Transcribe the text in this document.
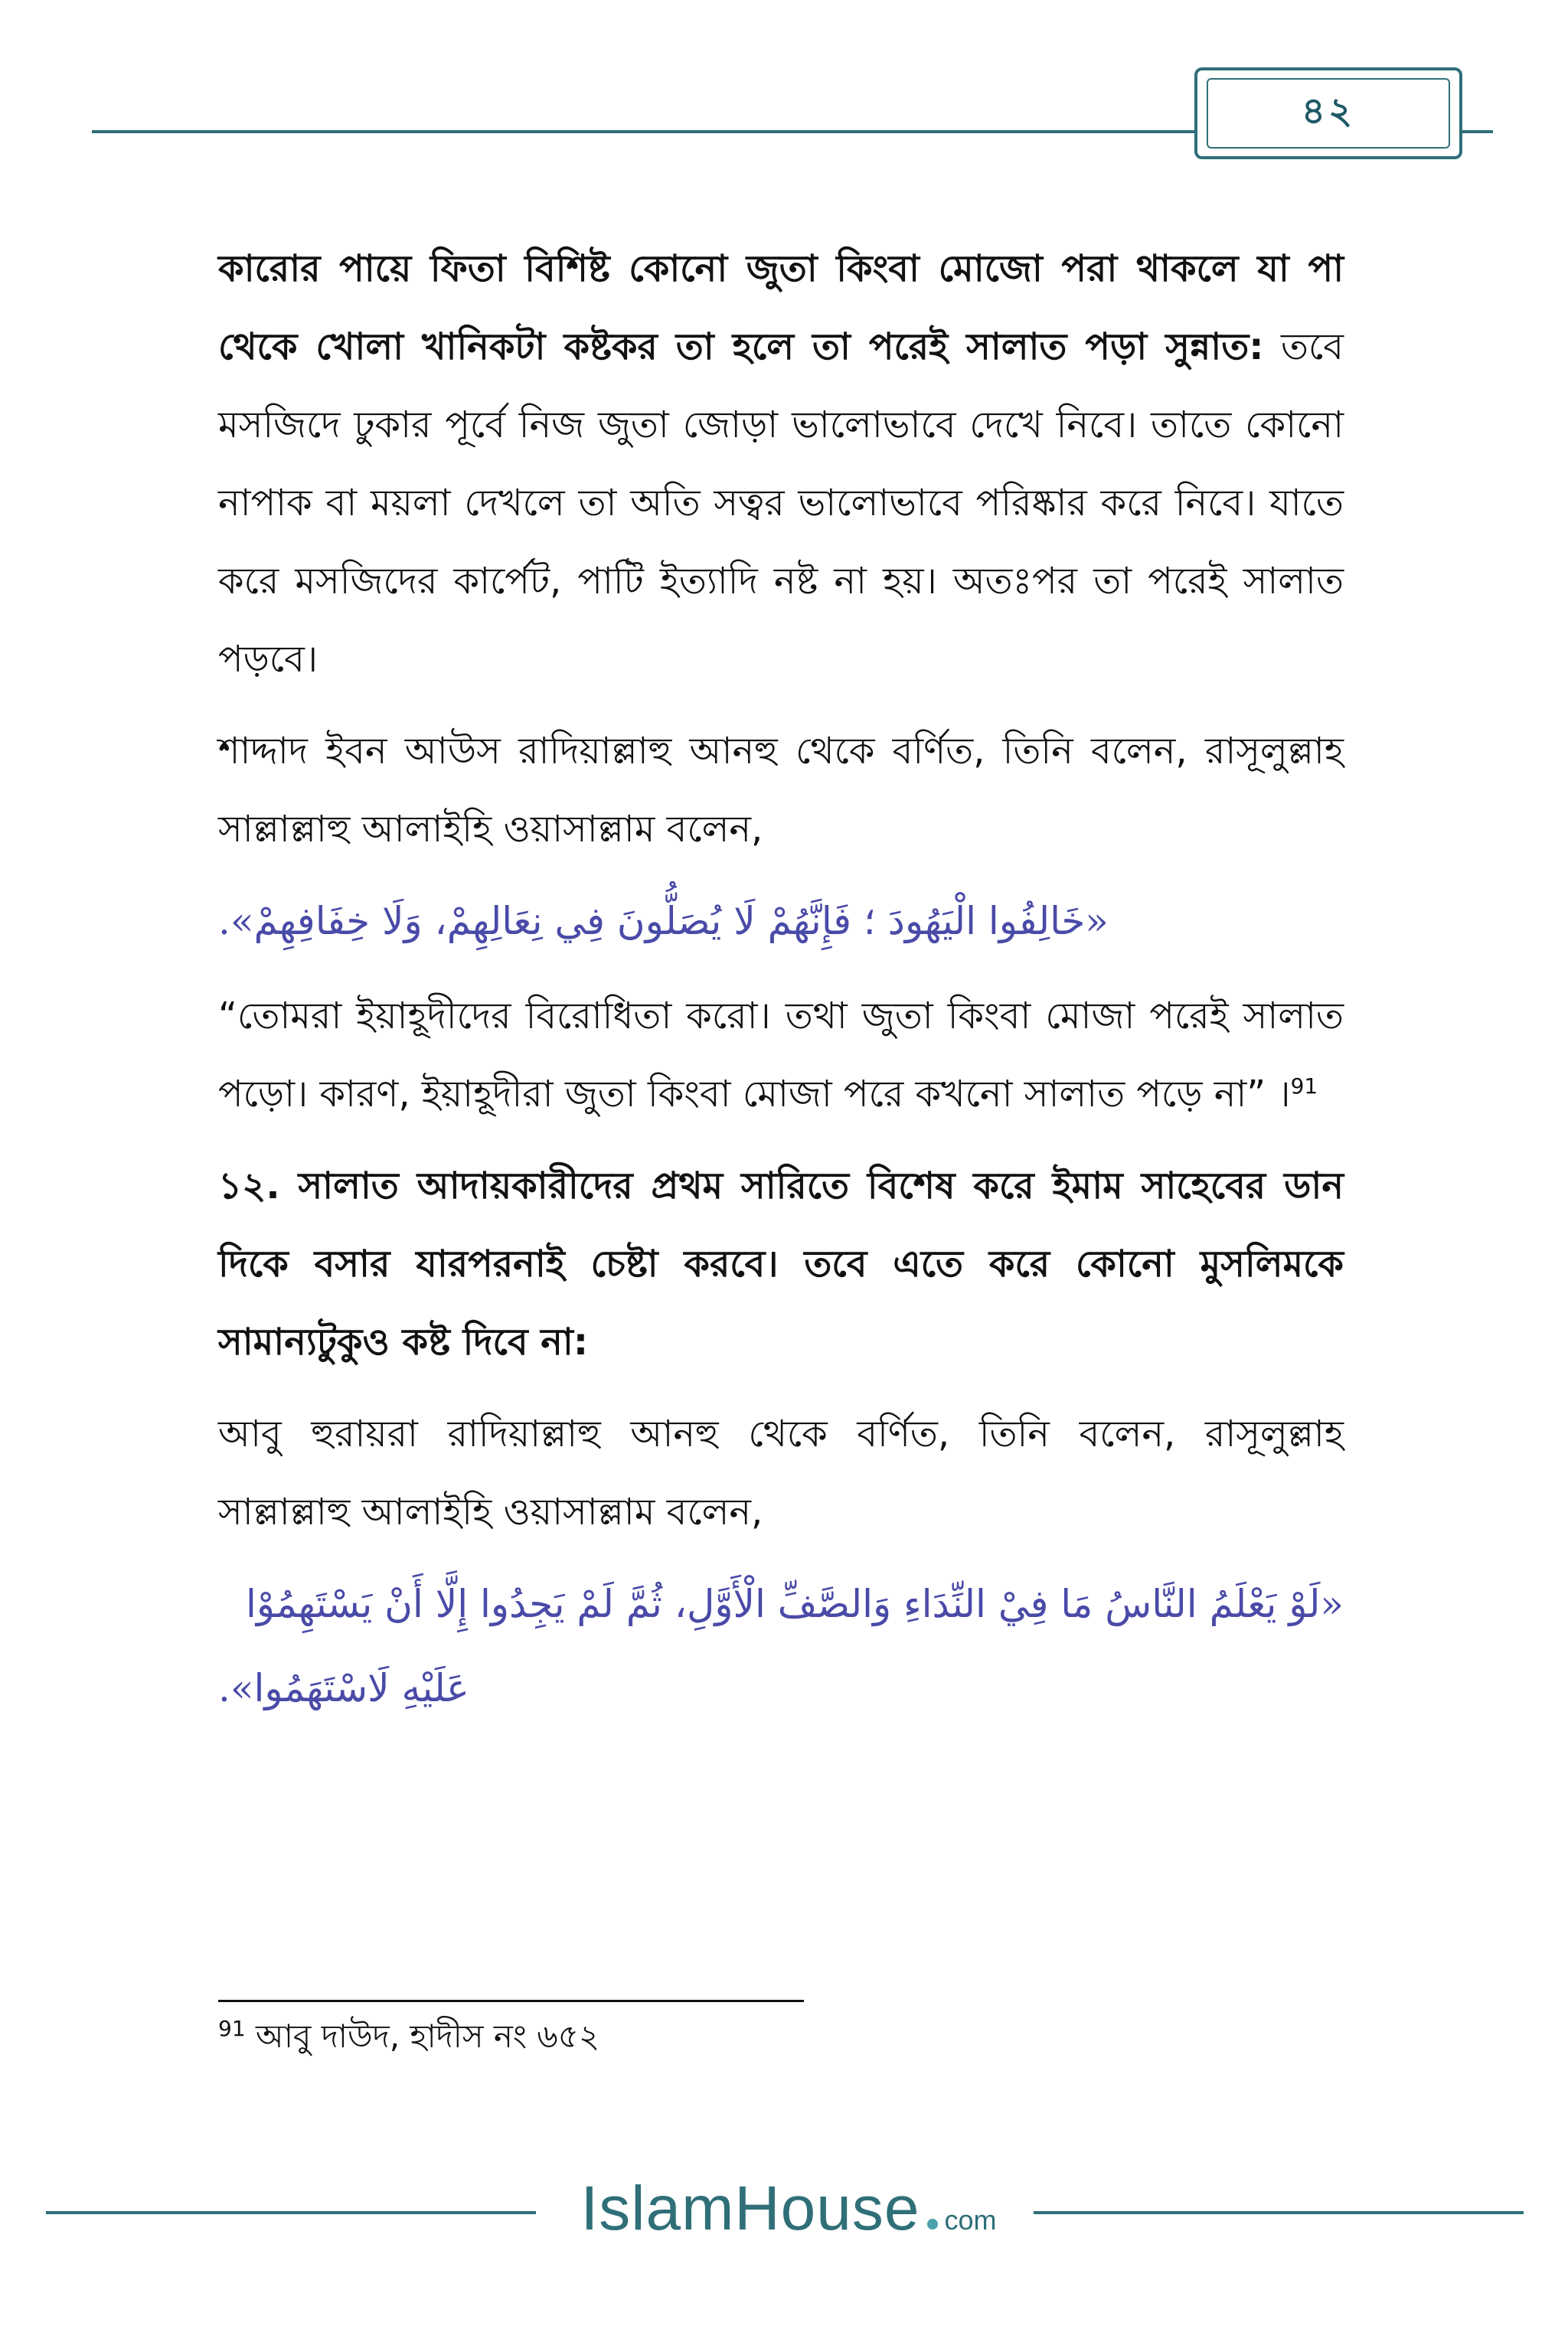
৪২

কারোর পায়ে ফিতা বিশিষ্ট কোনো জুতা কিংবা মোজো পরা থাকলে যা পা থেকে খোলা খানিকটা কষ্টকর তা হলে তা পরেই সালাত পড়া সুন্নাত: তবে মসজিদে ঢুকার পূর্বে নিজ জুতা জোড়া ভালোভাবে দেখে নিবে। তাতে কোনো নাপাক বা ময়লা দেখলে তা অতি সত্বর ভালোভাবে পরিষ্কার করে নিবে। যাতে করে মসজিদের কার্পেট, পাটি ইত্যাদি নষ্ট না হয়। অতঃপর তা পরেই সালাত পড়বে।

শাদ্দাদ ইবন আউস রাদিয়াল্লাহু আনহু থেকে বর্ণিত, তিনি বলেন, রাসূলুল্লাহ সাল্লাল্লাহু আলাইহি ওয়াসাল্লাম বলেন,

«خَالِفُوا الْيَهُودَ ؛ فَإِنَّهُمْ لَا يُصَلُّونَ فِي نِعَالِهِمْ، وَلَا خِفَافِهِمْ».

“তোমরা ইয়াহূদীদের বিরোধিতা করো। তথা জুতা কিংবা মোজা পরেই সালাত পড়ো। কারণ, ইয়াহূদীরা জুতা কিংবা মোজা পরে কখনো সালাত পড়ে না” ।$^{91}$

১২. সালাত আদায়কারীদের প্রথম সারিতে বিশেষ করে ইমাম সাহেবের ডান দিকে বসার যারপরনাই চেষ্টা করবে। তবে এতে করে কোনো মুসলিমকে সামান্যটুকুও কষ্ট দিবে না:

আবু হুরায়রা রাদিয়াল্লাহু আনহু থেকে বর্ণিত, তিনি বলেন, রাসূলুল্লাহ সাল্লাল্লাহু আলাইহি ওয়াসাল্লাম বলেন,

«لَوْ يَعْلَمُ النَّاسُ مَا فِيْ النِّدَاءِ وَالصَّفِّ الْأَوَّلِ، ثُمَّ لَمْ يَجِدُوا إِلَّا أَنْ يَسْتَهِمُوْا عَلَيْهِ لَاسْتَهَمُوا».

$^{91}$ আবু দাউদ, হাদীস নং ৬৫২
IslamHouse com
